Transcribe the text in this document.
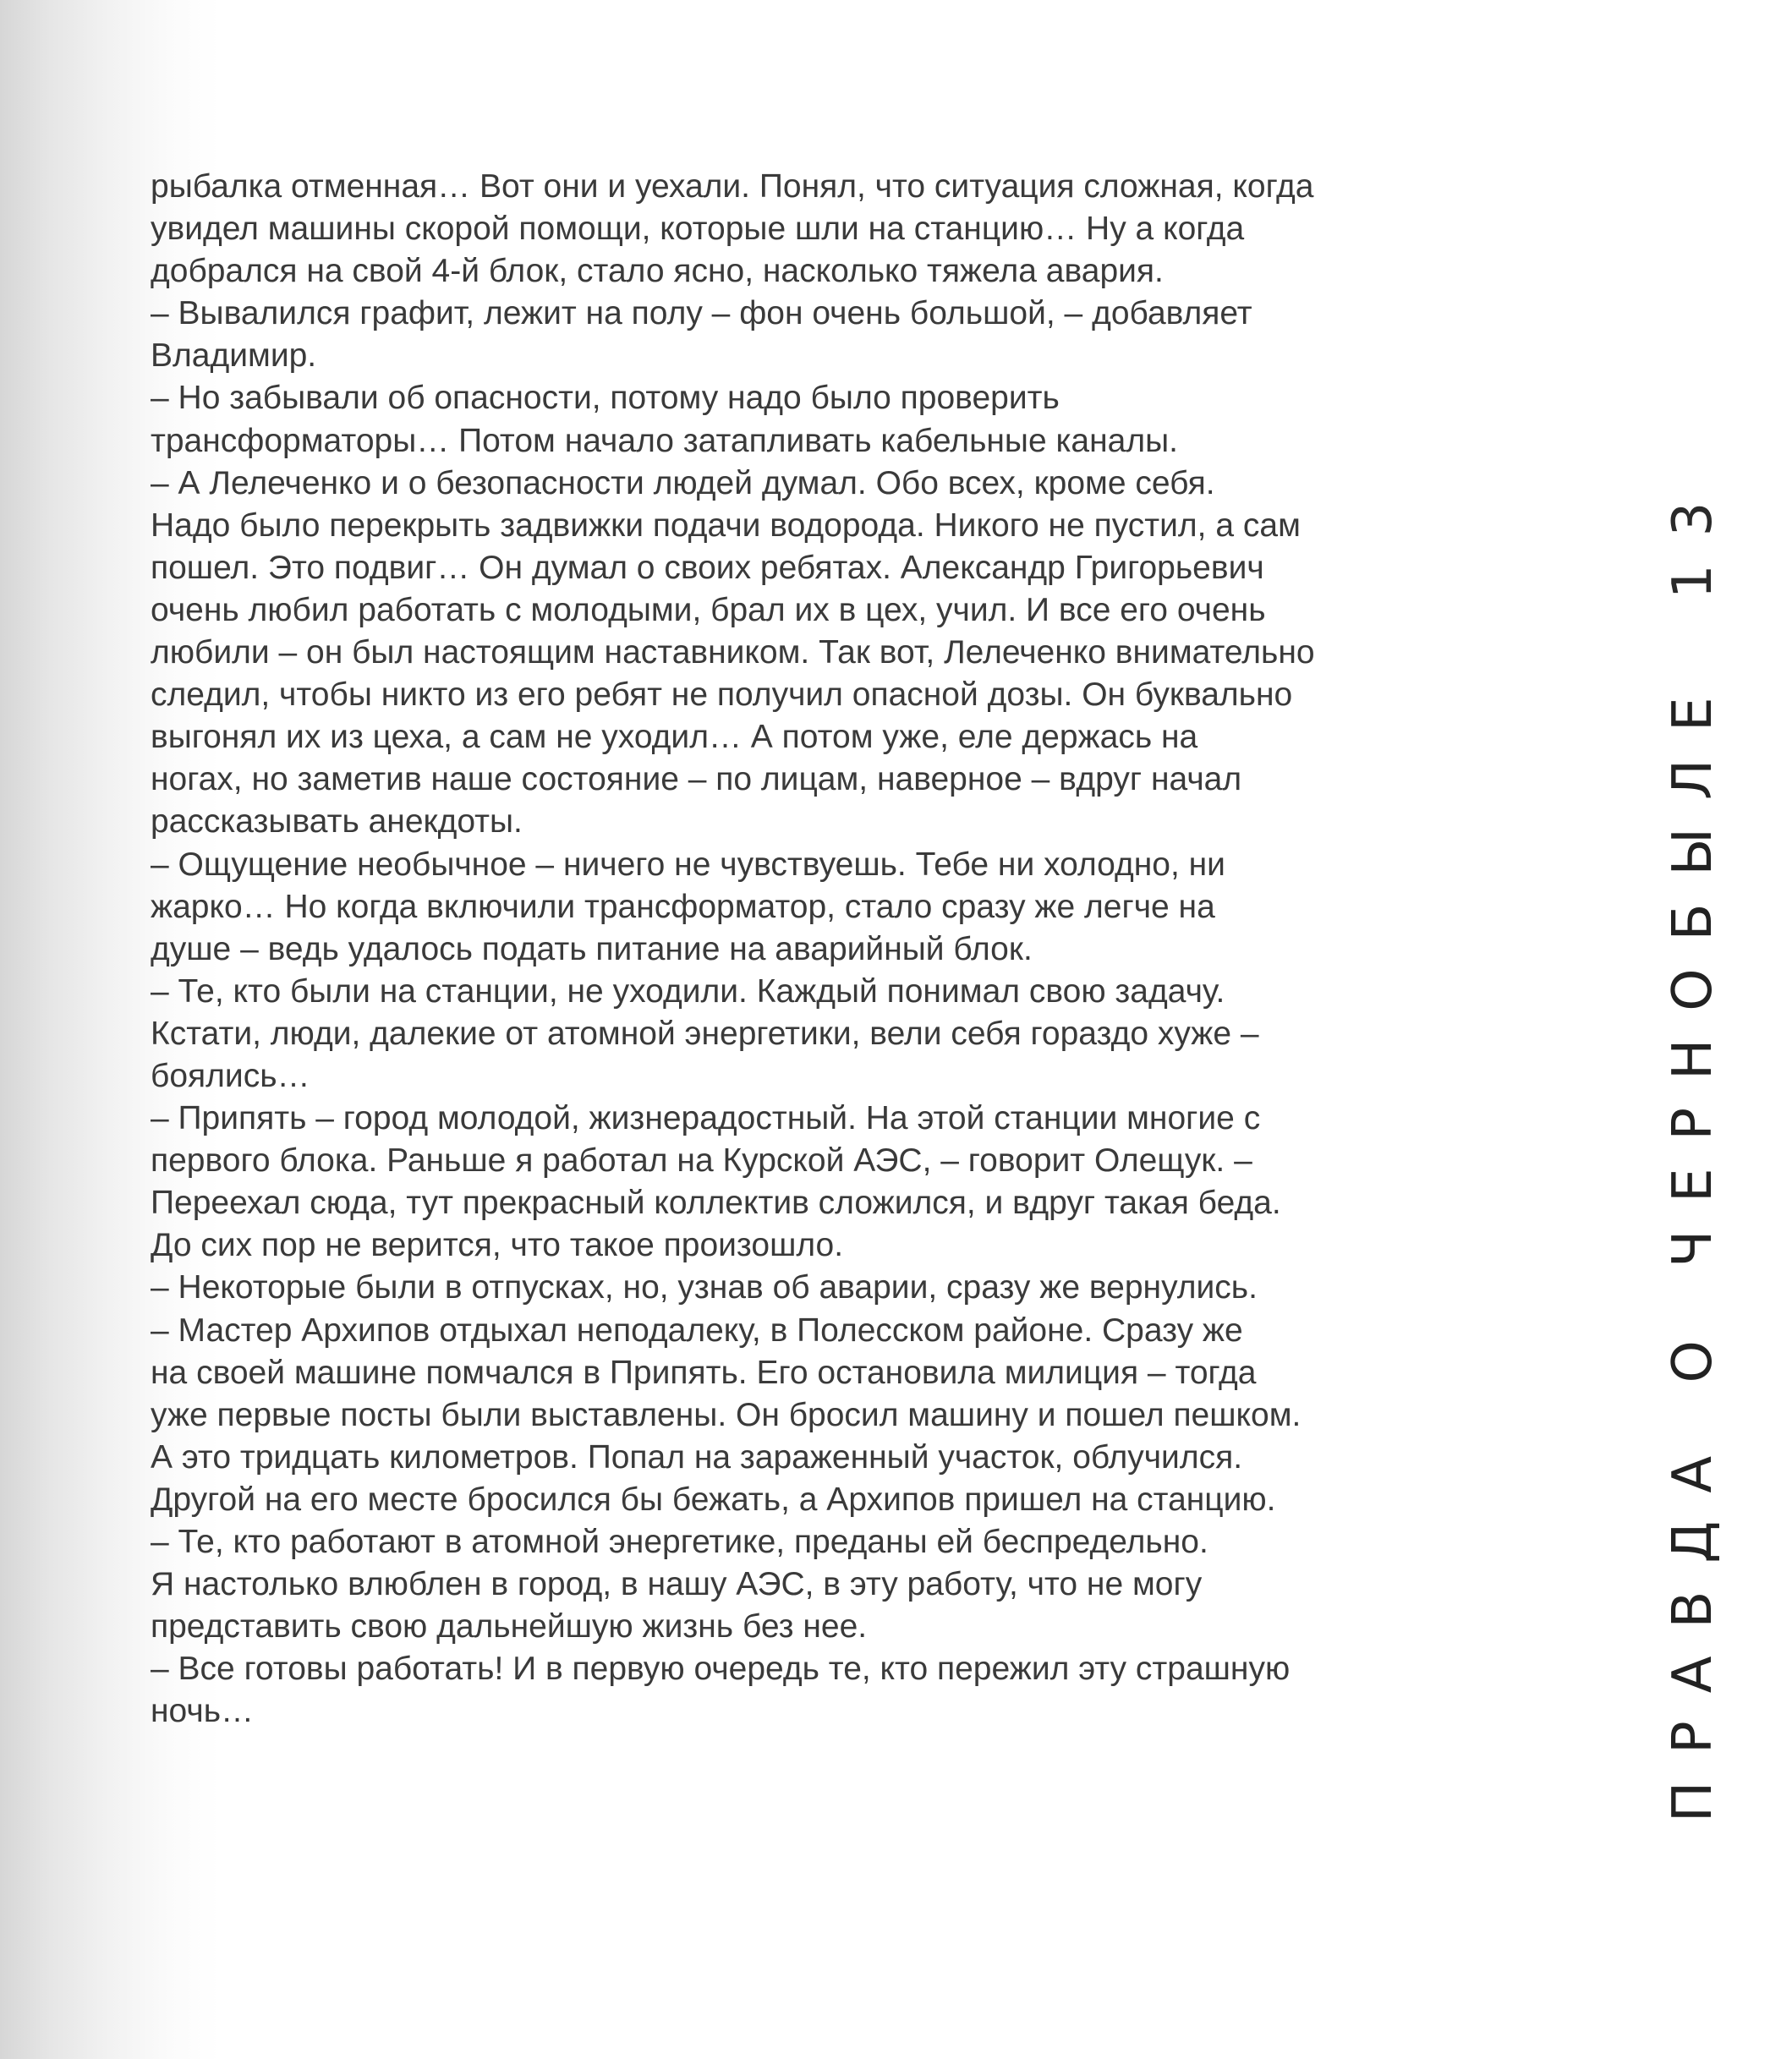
рыбалка отменная… Вот они и уехали. Понял, что ситуация сложная, когда
увидел машины скорой помощи, которые шли на станцию… Ну а когда
добрался на свой 4-й блок, стало ясно, насколько тяжела авария.
– Вывалился графит, лежит на полу – фон очень большой, – добавляет
Владимир.
– Но забывали об опасности, потому надо было проверить
трансформаторы… Потом начало затапливать кабельные каналы.
– А Лелеченко и о безопасности людей думал. Обо всех, кроме себя.
Надо было перекрыть задвижки подачи водорода. Никого не пустил, а сам
пошел. Это подвиг… Он думал о своих ребятах. Александр Григорьевич
очень любил работать с молодыми, брал их в цех, учил. И все его очень
любили – он был настоящим наставником. Так вот, Лелеченко внимательно
следил, чтобы никто из его ребят не получил опасной дозы. Он буквально
выгонял их из цеха, а сам не уходил… А потом уже, еле держась на
ногах, но заметив наше состояние – по лицам, наверное – вдруг начал
рассказывать анекдоты.
– Ощущение необычное – ничего не чувствуешь. Тебе ни холодно, ни
жарко… Но когда включили трансформатор, стало сразу же легче на
душе – ведь удалось подать питание на аварийный блок.
– Те, кто были на станции, не уходили. Каждый понимал свою задачу.
Кстати, люди, далекие от атомной энергетики, вели себя гораздо хуже –
боялись…
– Припять – город молодой, жизнерадостный. На этой станции многие с
первого блока. Раньше я работал на Курской АЭС, – говорит Олещук. –
Переехал сюда, тут прекрасный коллектив сложился, и вдруг такая беда.
До сих пор не верится, что такое произошло.
– Некоторые были в отпусках, но, узнав об аварии, сразу же вернулись.
– Мастер Архипов отдыхал неподалеку, в Полесском районе. Сразу же
на своей машине помчался в Припять. Его остановила милиция – тогда
уже первые посты были выставлены. Он бросил машину и пошел пешком.
А это тридцать километров. Попал на зараженный участок, облучился.
Другой на его месте бросился бы бежать, а Архипов пришел на станцию.
– Те, кто работают в атомной энергетике, преданы ей беспредельно.
Я настолько влюблен в город, в нашу АЭС, в эту работу, что не могу
представить свою дальнейшую жизнь без нее.
– Все готовы работать! И в первую очередь те, кто пережил эту страшную
ночь…	ПРАВДА О ЧЕРНОБЫЛЕ 13
